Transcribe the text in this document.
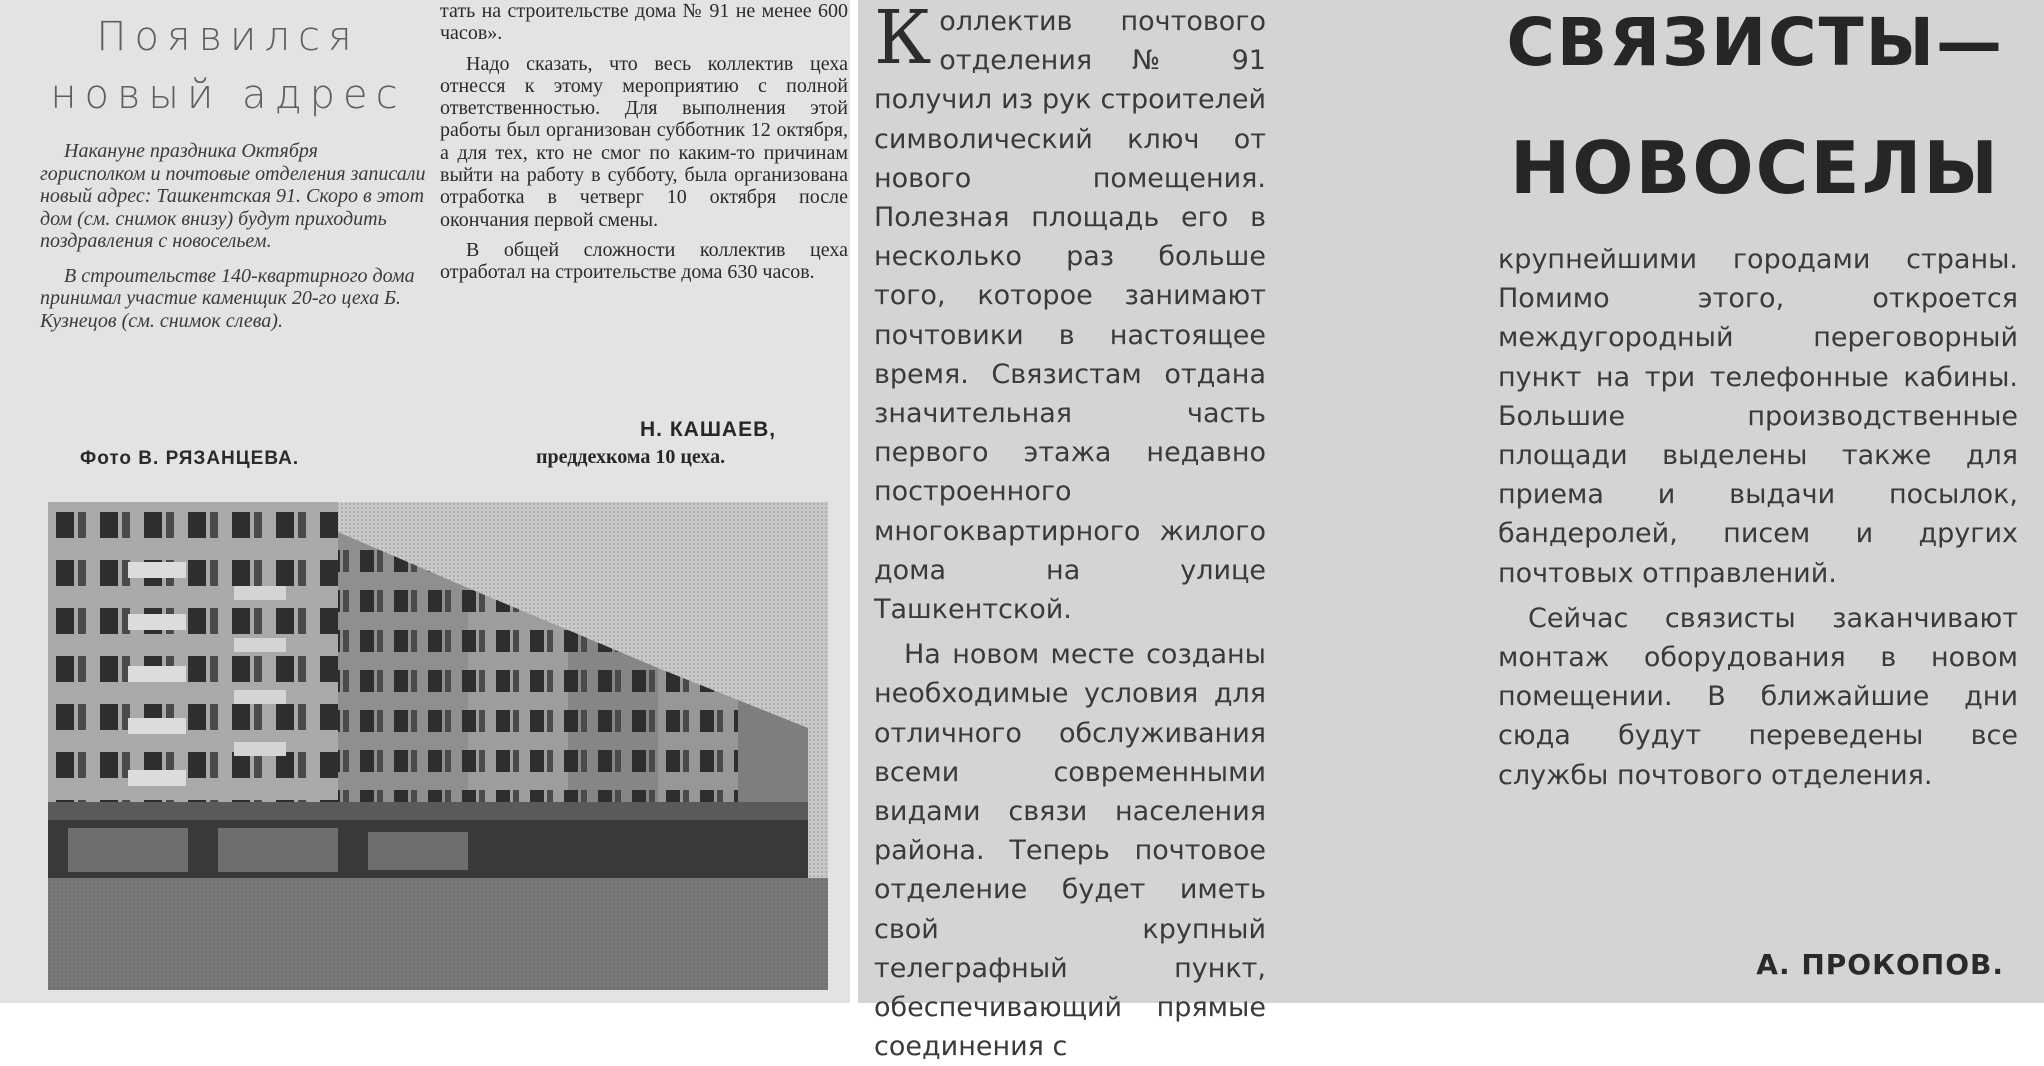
Появился
новый адрес

Накануне праздника Октября горисполком и почтовые отделения записали новый адрес: Ташкентская 91. Скоро в этот дом (см. снимок внизу) будут приходить поздравления с новосельем.

В строительстве 140-квартирного дома принимал участие каменщик 20-го цеха Б. Кузнецов (см. снимок слева).

Фото В. РЯЗАНЦЕВА.

тать на строительстве дома № 91 не менее 600 часов».

Надо сказать, что весь коллектив цеха отнесся к этому мероприятию с полной ответственностью. Для выполнения этой работы был организован субботник 12 октября, а для тех, кто не смог по каким-то причинам выйти на работу в субботу, была организована отработка в четверг 10 октября после окончания первой смены.

В общей сложности коллектив цеха отработал на строительстве дома 630 часов.

Н. КАШАЕВ,

преддехкома 10 цеха.

Коллектив почтового отделения № 91 получил из рук строителей символический ключ от нового помещения. Полезная площадь его в несколько раз больше того, которое занимают почтовики в настоящее время. Связистам отдана значительная часть первого этажа недавно построенного многоквартирного жилого дома на улице Ташкентской.

На новом месте созданы необходимые условия для отличного обслуживания всеми современными видами связи населения района. Теперь почтовое отделение будет иметь свой крупный телеграфный пункт, обеспечивающий прямые соединения с

СВЯЗИСТЫ—
НОВОСЕЛЫ

крупнейшими городами страны. Помимо этого, откроется междугородный переговорный пункт на три телефонные кабины. Большие производственные площади выделены также для приема и выдачи посылок, бандеролей, писем и других почтовых отправлений.

Сейчас связисты заканчивают монтаж оборудования в новом помещении. В ближайшие дни сюда будут переведены все службы почтового отделения.

А. ПРОКОПОВ.
